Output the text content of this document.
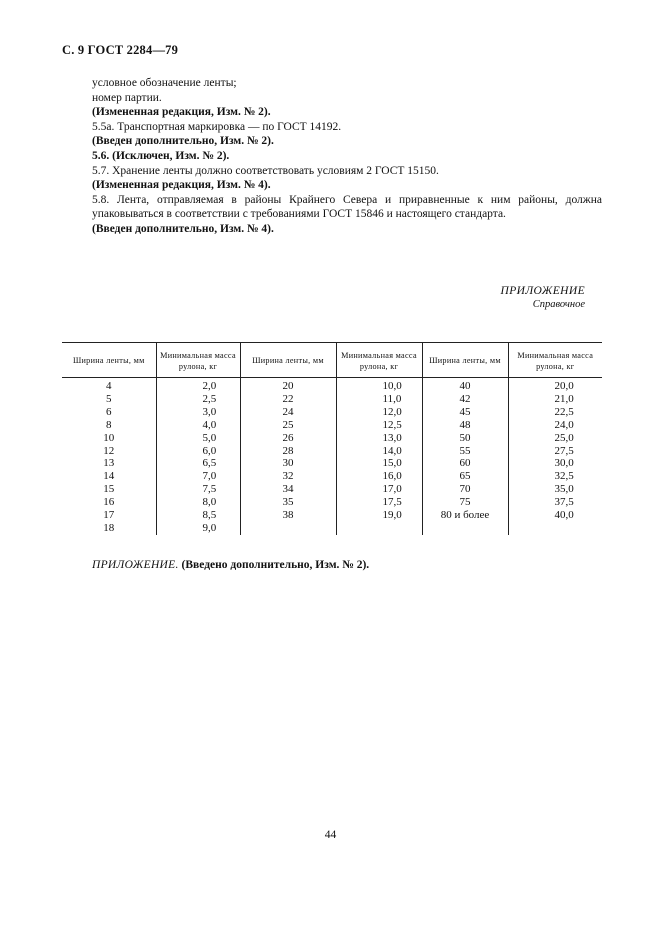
С. 9 ГОСТ 2284—79

условное обозначение ленты;

номер партии.

(Измененная редакция, Изм. № 2).

5.5а. Транспортная маркировка — по ГОСТ 14192.

(Введен дополнительно, Изм. № 2).

5.6. (Исключен, Изм. № 2).

5.7. Хранение ленты должно соответствовать условиям 2 ГОСТ 15150.

(Измененная редакция, Изм. № 4).

5.8. Лента, отправляемая в районы Крайнего Севера и приравненные к ним районы, должна упаковываться в соответствии с требованиями ГОСТ 15846 и настоящего стандарта.

(Введен дополнительно, Изм. № 4).

ПРИЛОЖЕНИЕ
Справочное
Ширина ленты, мм	Минимальная масса рулона, кг	Ширина ленты, мм	Минимальная масса рулона, кг	Ширина ленты, мм	Минимальная масса рулона, кг
4	2,0	20	10,0	40	20,0
5	2,5	22	11,0	42	21,0
6	3,0	24	12,0	45	22,5
8	4,0	25	12,5	48	24,0
10	5,0	26	13,0	50	25,0
12	6,0	28	14,0	55	27,5
13	6,5	30	15,0	60	30,0
14	7,0	32	16,0	65	32,5
15	7,5	34	17,0	70	35,0
16	8,0	35	17,5	75	37,5
17	8,5	38	19,0	80 и более	40,0
18	9,0				
ПРИЛОЖЕНИЕ. (Введено дополнительно, Изм. № 2).
44
